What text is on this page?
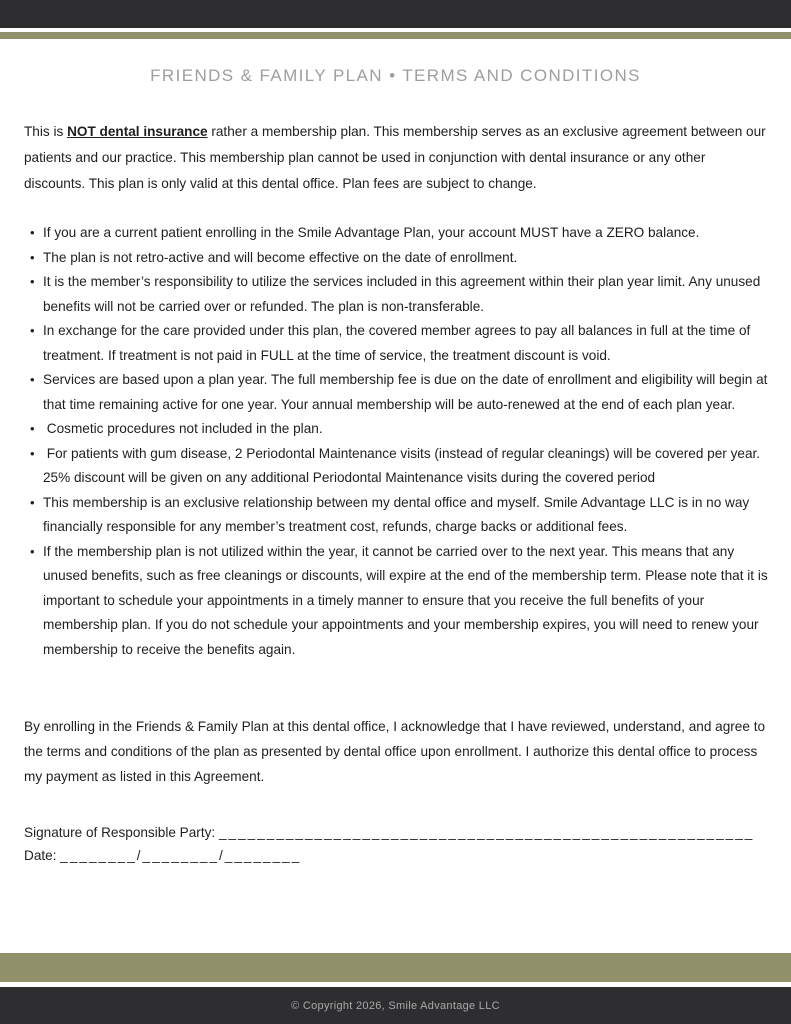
FRIENDS & FAMILY PLAN • TERMS AND CONDITIONS

This is NOT dental insurance rather a membership plan. This membership serves as an exclusive agreement between our patients and our practice. This membership plan cannot be used in conjunction with dental insurance or any other discounts. This plan is only valid at this dental office. Plan fees are subject to change.

• If you are a current patient enrolling in the Smile Advantage Plan, your account MUST have a ZERO balance.
• The plan is not retro-active and will become effective on the date of enrollment.
• It is the member’s responsibility to utilize the services included in this agreement within their plan year limit. Any unused benefits will not be carried over or refunded. The plan is non-transferable.
• In exchange for the care provided under this plan, the covered member agrees to pay all balances in full at the time of treatment. If treatment is not paid in FULL at the time of service, the treatment discount is void.
• Services are based upon a plan year. The full membership fee is due on the date of enrollment and eligibility will begin at that time remaining active for one year. Your annual membership will be auto-renewed at the end of each plan year.
•  Cosmetic procedures not included in the plan.
•  For patients with gum disease, 2 Periodontal Maintenance visits (instead of regular cleanings) will be covered per year. 25% discount will be given on any additional Periodontal Maintenance visits during the covered period
• This membership is an exclusive relationship between my dental office and myself. Smile Advantage LLC is in no way financially responsible for any member’s treatment cost, refunds, charge backs or additional fees.
• If the membership plan is not utilized within the year, it cannot be carried over to the next year. This means that any unused benefits, such as free cleanings or discounts, will expire at the end of the membership term. Please note that it is important to schedule your appointments in a timely manner to ensure that you receive the full benefits of your membership plan. If you do not schedule your appointments and your membership expires, you will need to renew your membership to receive the benefits again.

By enrolling in the Friends & Family Plan at this dental office, I acknowledge that I have reviewed, understand, and agree to the terms and conditions of the plan as presented by dental office upon enrollment. I authorize this dental office to process my payment as listed in this Agreement.

Signature of Responsible Party: ________________________________________________________
Date: ________/________/________
© Copyright 2026, Smile Advantage LLC
